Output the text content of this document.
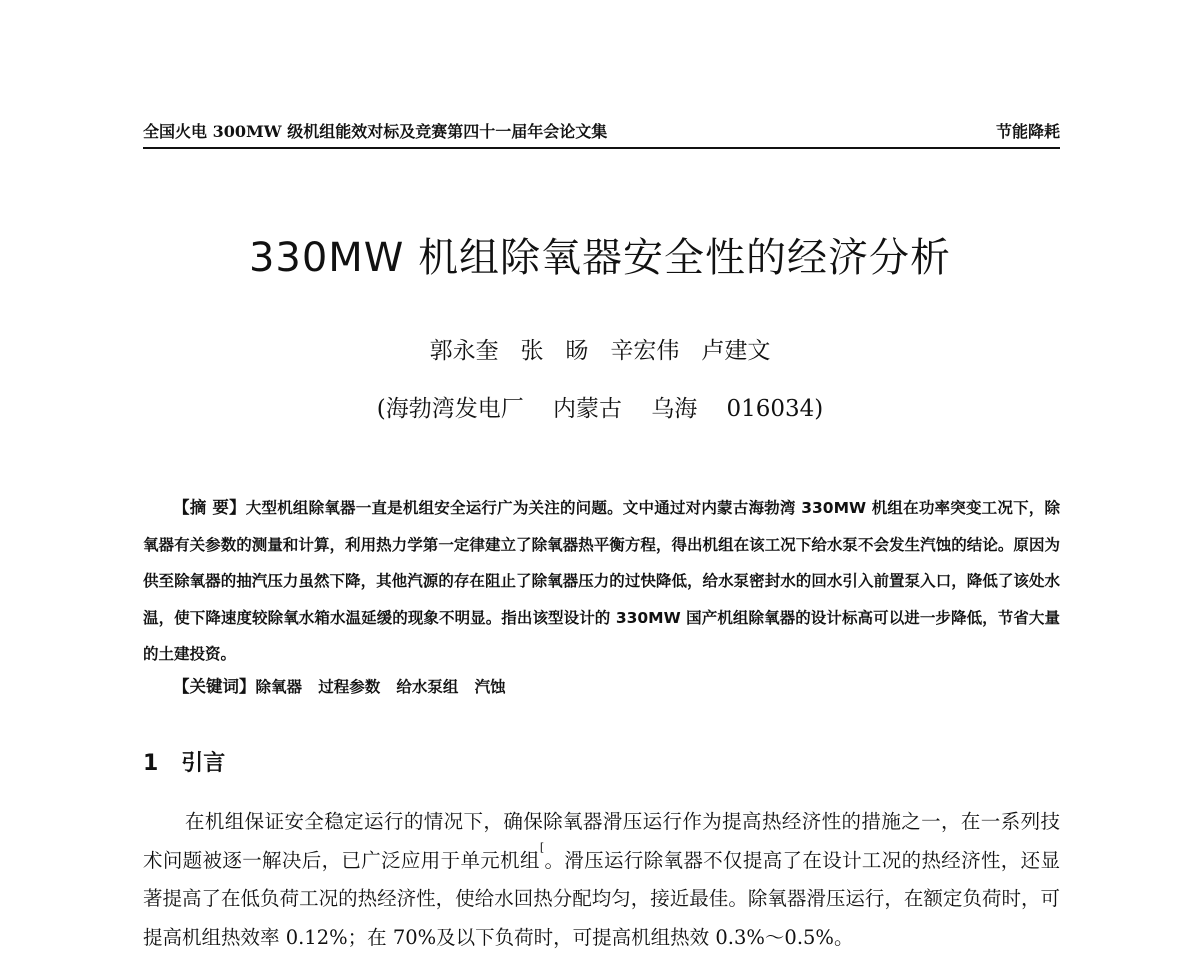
全国火电 300MW 级机组能效对标及竞赛第四十一届年会论文集	节能降耗
330MW 机组除氧器安全性的经济分析
郭永奎   张   旸   辛宏伟   卢建文
(海勃湾发电厂    内蒙古    乌海    016034)
【摘 要】大型机组除氧器一直是机组安全运行广为关注的问题。文中通过对内蒙古海勃湾 330MW 机组在功率突变工况下，除氧器有关参数的测量和计算，利用热力学第一定律建立了除氧器热平衡方程，得出机组在该工况下给水泵不会发生汽蚀的结论。原因为供至除氧器的抽汽压力虽然下降，其他汽源的存在阻止了除氧器压力的过快降低，给水泵密封水的回水引入前置泵入口，降低了该处水温，使下降速度较除氧水箱水温延缓的现象不明显。指出该型设计的 330MW 国产机组除氧器的设计标高可以进一步降低，节省大量的土建投资。
【关键词】除氧器   过程参数   给水泵组   汽蚀
1   引言
在机组保证安全稳定运行的情况下，确保除氧器滑压运行作为提高热经济性的措施之一，在一系列技术问题被逐一解决后，已广泛应用于单元机组[。滑压运行除氧器不仅提高了在设计工况的热经济性，还显著提高了在低负荷工况的热经济性，使给水回热分配均匀，接近最佳。除氧器滑压运行，在额定负荷时，可提高机组热效率 0.12%；在 70%及以下负荷时，可提高机组热效 0.3%～0.5%。
